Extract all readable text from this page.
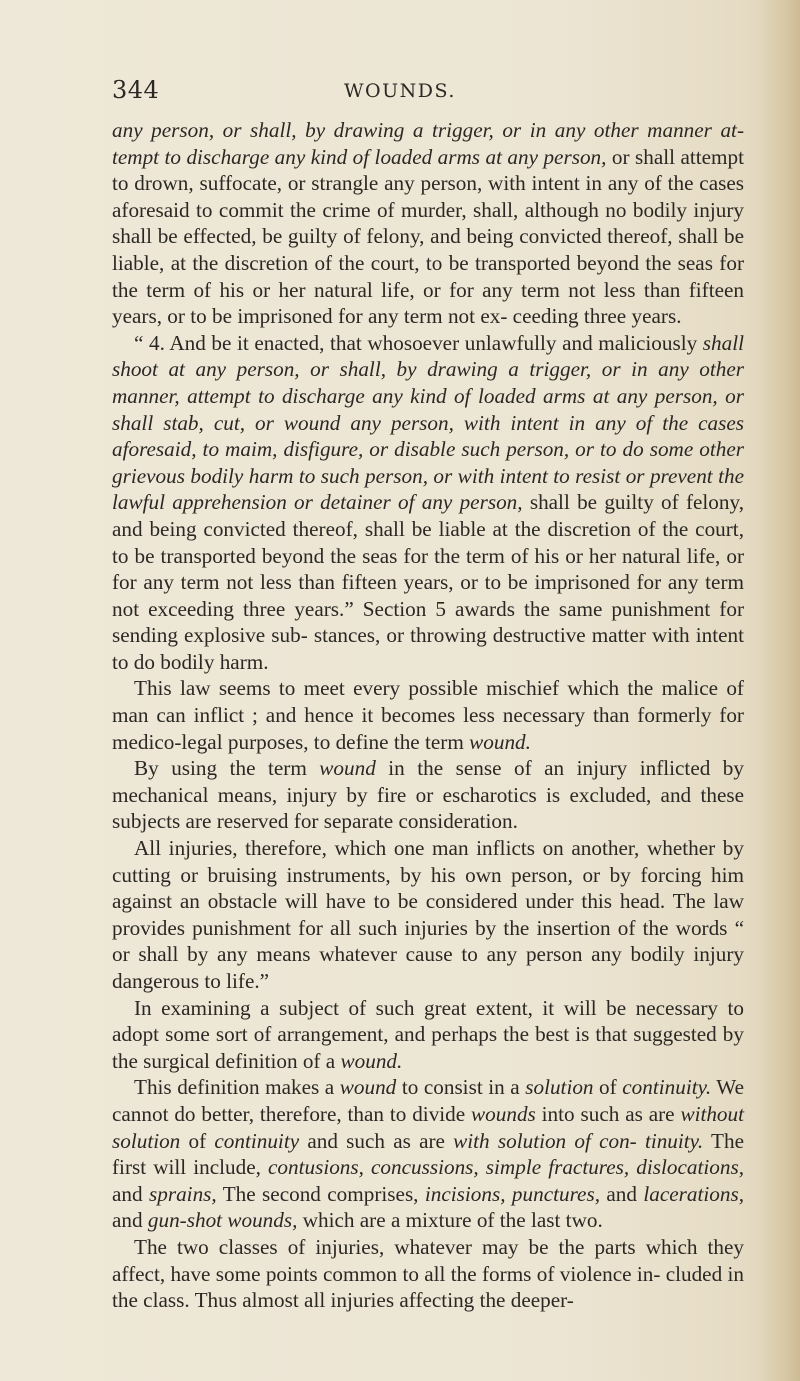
344	WOUNDS.

any person, or shall, by drawing a trigger, or in any other manner at- tempt to discharge any kind of loaded arms at any person, or shall attempt to drown, suffocate, or strangle any person, with intent in any of the cases aforesaid to commit the crime of murder, shall, although no bodily injury shall be effected, be guilty of felony, and being convicted thereof, shall be liable, at the discretion of the court, to be transported beyond the seas for the term of his or her natural life, or for any term not less than fifteen years, or to be imprisoned for any term not ex- ceeding three years.

“ 4. And be it enacted, that whosoever unlawfully and maliciously shall shoot at any person, or shall, by drawing a trigger, or in any other manner, attempt to discharge any kind of loaded arms at any person, or shall stab, cut, or wound any person, with intent in any of the cases aforesaid, to maim, disfigure, or disable such person, or to do some other grievous bodily harm to such person, or with intent to resist or prevent the lawful apprehension or detainer of any person, shall be guilty of felony, and being convicted thereof, shall be liable at the discretion of the court, to be transported beyond the seas for the term of his or her natural life, or for any term not less than fifteen years, or to be imprisoned for any term not exceeding three years.” Section 5 awards the same punishment for sending explosive sub- stances, or throwing destructive matter with intent to do bodily harm.

This law seems to meet every possible mischief which the malice of man can inflict ; and hence it becomes less necessary than formerly for medico-legal purposes, to define the term wound.

By using the term wound in the sense of an injury inflicted by mechanical means, injury by fire or escharotics is excluded, and these subjects are reserved for separate consideration.

All injuries, therefore, which one man inflicts on another, whether by cutting or bruising instruments, by his own person, or by forcing him against an obstacle will have to be considered under this head. The law provides punishment for all such injuries by the insertion of the words “ or shall by any means whatever cause to any person any bodily injury dangerous to life.”

In examining a subject of such great extent, it will be necessary to adopt some sort of arrangement, and perhaps the best is that suggested by the surgical definition of a wound.

This definition makes a wound to consist in a solution of continuity. We cannot do better, therefore, than to divide wounds into such as are without solution of continuity and such as are with solution of con- tinuity. The first will include, contusions, concussions, simple fractures, dislocations, and sprains, The second comprises, incisions, punctures, and lacerations, and gun-shot wounds, which are a mixture of the last two.

The two classes of injuries, whatever may be the parts which they affect, have some points common to all the forms of violence in- cluded in the class. Thus almost all injuries affecting the deeper-
